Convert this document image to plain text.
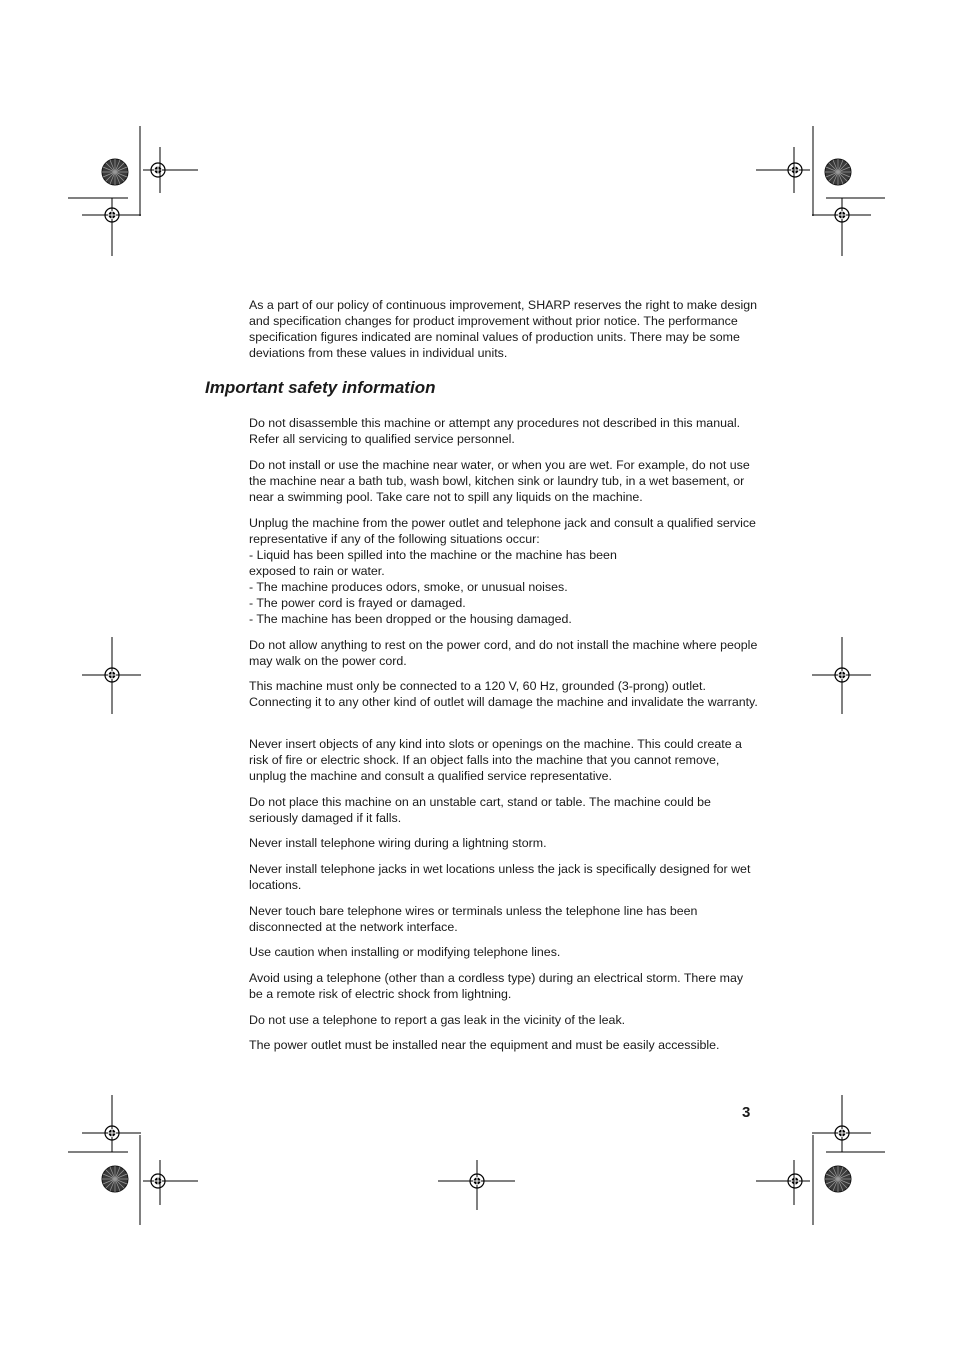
As a part of our policy of continuous improvement, SHARP reserves the right to make design and specification changes for product improvement without prior notice. The performance specification figures indicated are nominal values of production units. There may be some deviations from these values in individual units.

Important safety information

Do not disassemble this machine or attempt any procedures not described in this manual.
Refer all servicing to qualified service personnel.

Do not install or use the machine near water, or when you are wet. For example, do not use the machine near a bath tub, wash bowl, kitchen sink or laundry tub, in a wet basement, or near a swimming pool. Take care not to spill any liquids on the machine.

Unplug the machine from the power outlet and telephone jack and consult a qualified service representative if any of the following situations occur:
- Liquid has been spilled into the machine or the machine has been
exposed to rain or water.
- The machine produces odors, smoke, or unusual noises.
- The power cord is frayed or damaged.
- The machine has been dropped or the housing damaged.

Do not allow anything to rest on the power cord, and do not install the machine where people may walk on the power cord.

This machine must only be connected to a 120 V, 60 Hz, grounded (3-prong) outlet. Connecting it to any other kind of outlet will damage the machine and invalidate the warranty.

Never insert objects of any kind into slots or openings on the machine. This could create a risk of fire or electric shock. If an object falls into the machine that you cannot remove, unplug the machine and consult a qualified service representative.

Do not place this machine on an unstable cart, stand or table. The machine could be seriously damaged if it falls.

Never install telephone wiring during a lightning storm.

Never install telephone jacks in wet locations unless the jack is specifically designed for wet locations.

Never touch bare telephone wires or terminals unless the telephone line has been disconnected at the network interface.

Use caution when installing or modifying telephone lines.

Avoid using a telephone (other than a cordless type) during an electrical storm. There may be a remote risk of electric shock from lightning.

Do not use a telephone to report a gas leak in the vicinity of the leak.

The power outlet must be installed near the equipment and must be easily accessible.

3
